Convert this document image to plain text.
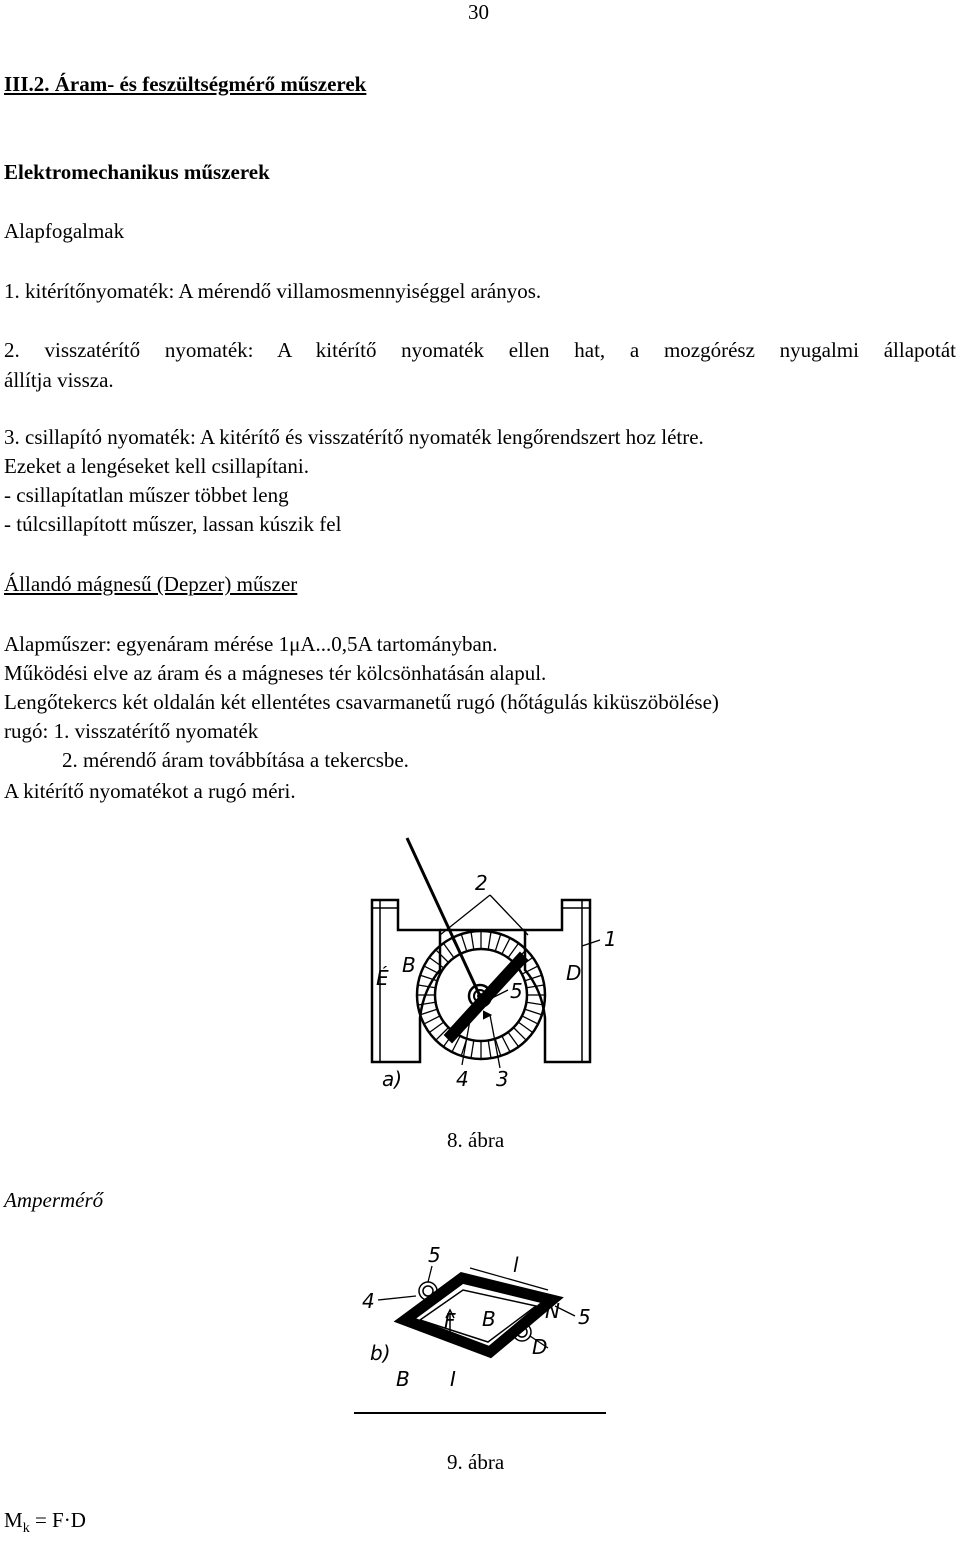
30
III.2. Áram- és feszültségmérő műszerek
Elektromechanikus műszerek
Alapfogalmak
1. kitérítőnyomaték: A mérendő villamosmennyiséggel arányos.
2. visszatérítő nyomaték: A kitérítő nyomaték ellen hat, a mozgórész nyugalmi állapotát
állítja vissza.
3. csillapító nyomaték: A kitérítő és visszatérítő nyomaték lengőrendszert hoz létre.
Ezeket a lengéseket kell csillapítani.
- csillapítatlan műszer többet leng
- túlcsillapított műszer, lassan kúszik fel
Állandó mágnesű (Depzer) műszer
Alapműszer: egyenáram mérése 1μA...0,5A tartományban.
Működési elve az áram és a mágneses tér kölcsönhatásán alapul.
Lengőtekercs két oldalán két ellentétes csavarmanetű rugó (hőtágulás kiküszöbölése)
rugó: 1. visszatérítő nyomaték
2. mérendő áram továbbítása a tekercsbe.
A kitérítő nyomatékot a rugó méri.
2
1
É
B
5
D
a)	4 3
8. ábra
Ampermérő
5	l
4
F B N 5
D
b)
B I
9. ábra
$M_k = F\cdot D$
